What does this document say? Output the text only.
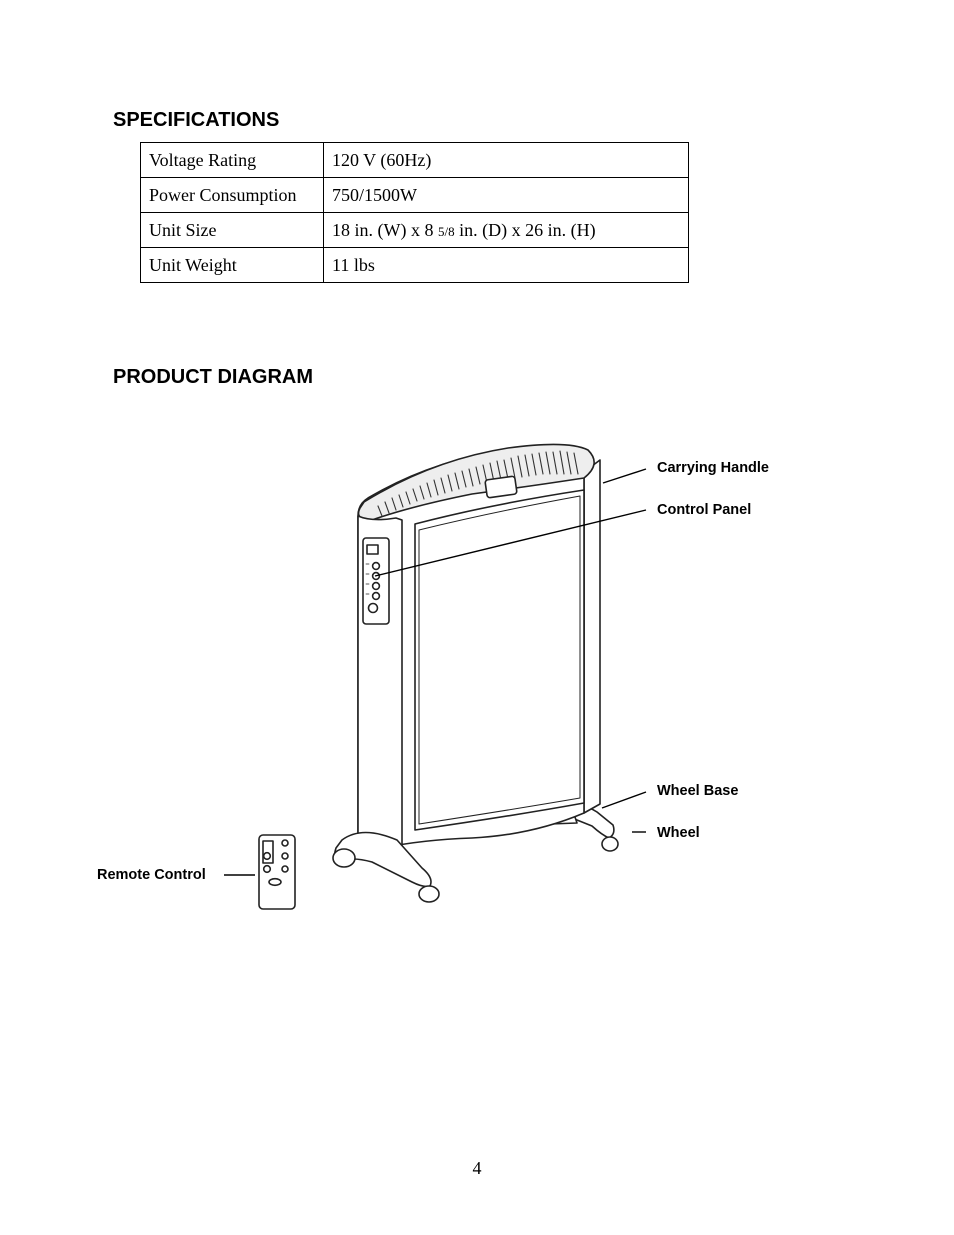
SPECIFICATIONS
Voltage Rating	120 V (60Hz)
Power Consumption	750/1500W
Unit Size	18 in. (W) x 8 5/8 in. (D) x 26 in. (H)
Unit Weight	11 lbs
PRODUCT DIAGRAM
Carrying Handle
Control Panel
Wheel Base
Wheel
Remote Control
4
